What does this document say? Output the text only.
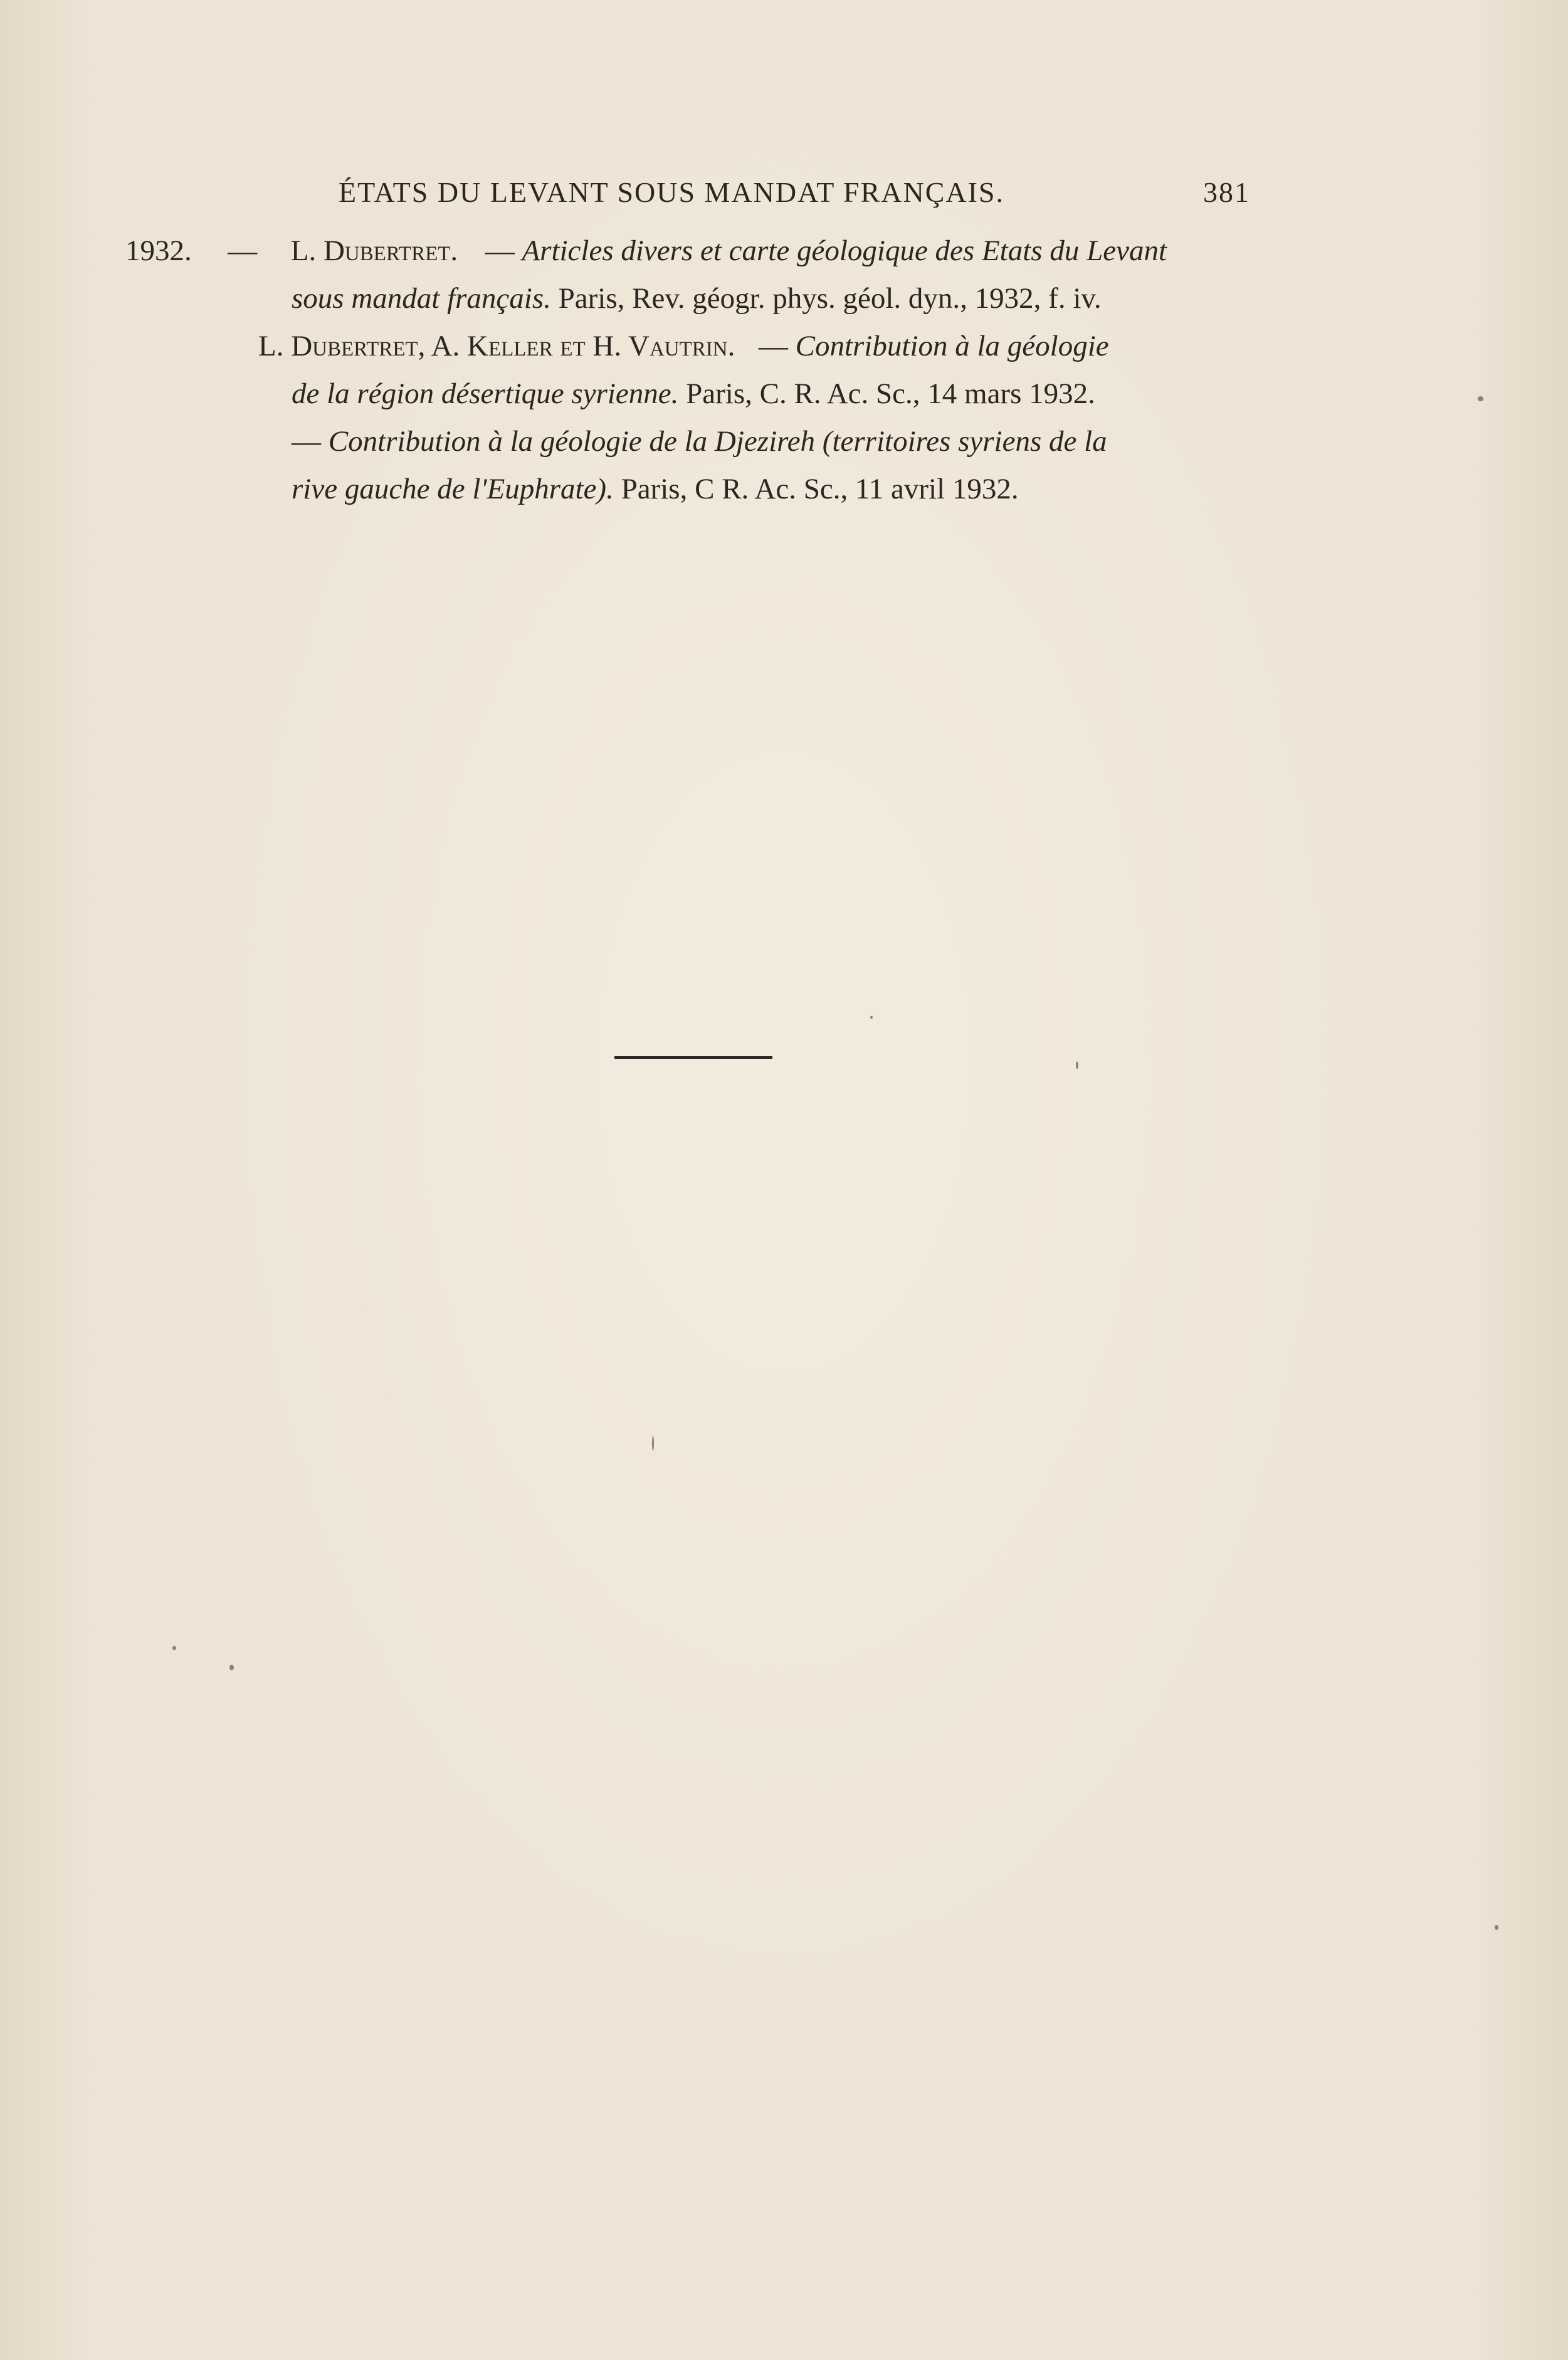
ÉTATS DU LEVANT SOUS MANDAT FRANÇAIS.	381
1932. — L. Dubertret. — Articles divers et carte géologique des Etats du Levant
sous mandat français. Paris, Rev. géogr. phys. géol. dyn., 1932, f. iv.
L. Dubertret, A. Keller et H. Vautrin. — Contribution à la géologie
de la région désertique syrienne. Paris, C. R. Ac. Sc., 14 mars 1932.
— Contribution à la géologie de la Djezireh (territoires syriens de la
rive gauche de l'Euphrate). Paris, C R. Ac. Sc., 11 avril 1932.
